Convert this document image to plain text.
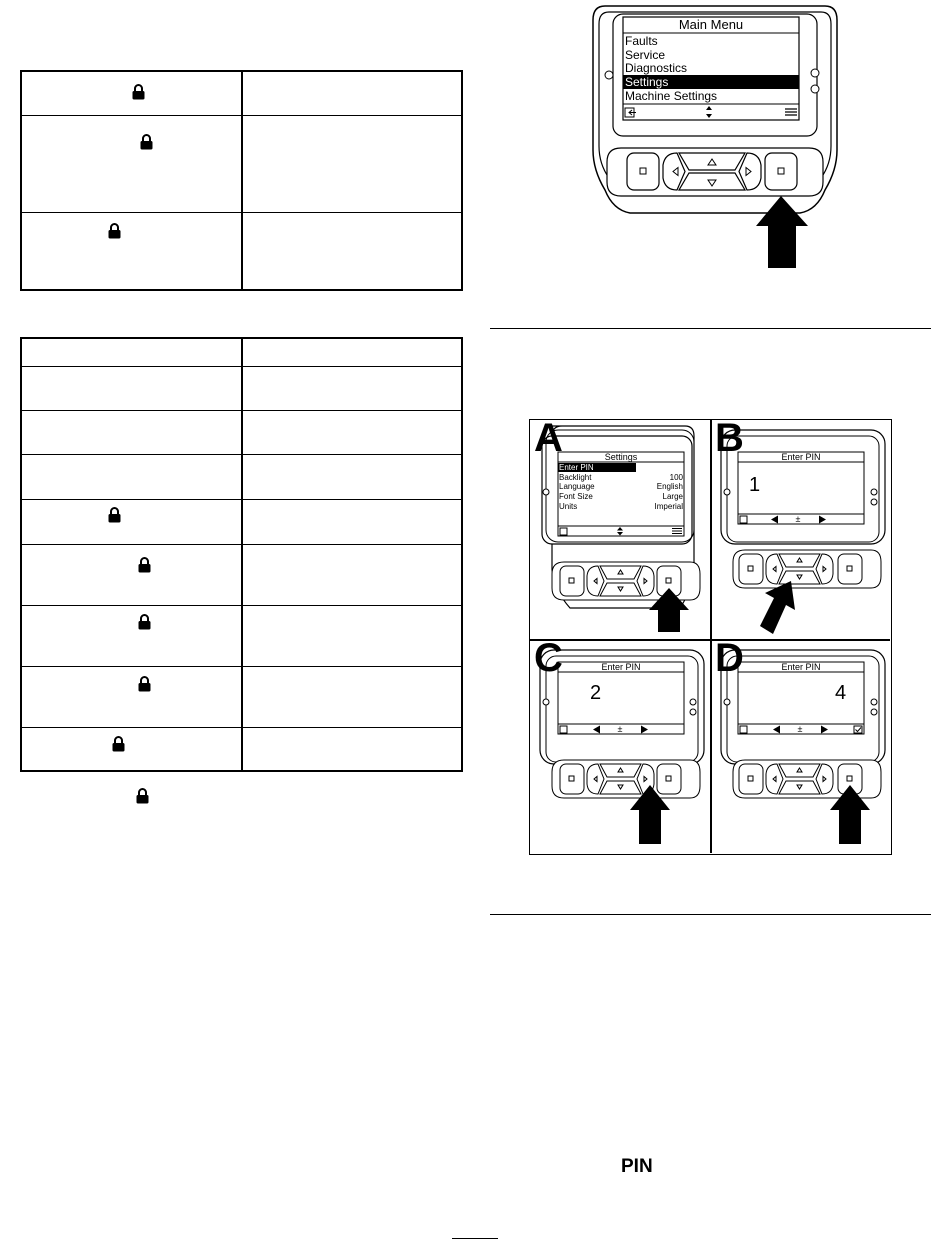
Main Menu
Faults
Service
Diagnostics
Settings
Machine Settings
A	Settings
Enter PIN
Backlight	100
Language	English
Font Size	Large
Units	Imperial
±
B	Enter PIN
1
±
C	Enter PIN
2
±
D	Enter PIN
4
PIN
